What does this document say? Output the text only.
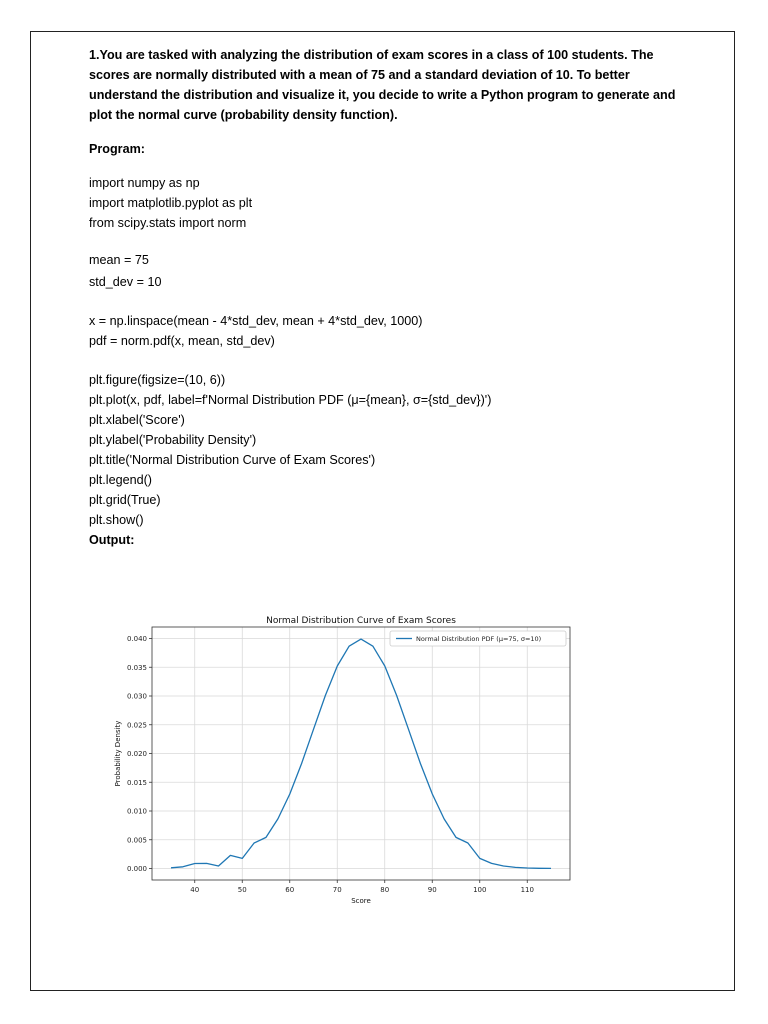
1.You are tasked with analyzing the distribution of exam scores in a class of 100 students. The scores are normally distributed with a mean of 75 and a standard deviation of 10. To better understand the distribution and visualize it, you decide to write a Python program to generate and plot the normal curve (probability density function).

Program:

import numpy as np

import matplotlib.pyplot as plt

from scipy.stats import norm

mean = 75

std_dev = 10

x = np.linspace(mean - 4*std_dev, mean + 4*std_dev, 1000)

pdf = norm.pdf(x, mean, std_dev)

plt.figure(figsize=(10, 6))

plt.plot(x, pdf, label=f'Normal Distribution PDF (μ={mean}, σ={std_dev})')

plt.xlabel('Score')

plt.ylabel('Probability Density')

plt.title('Normal Distribution Curve of Exam Scores')

plt.legend()

plt.grid(True)

plt.show()

Output:

40	50	60	70	80	90	100	110
0.000
0.005
0.010
0.015
0.020
0.025
0.030
0.035
0.040
Normal Distribution Curve of Exam Scores
Score
Probability Density
Normal Distribution PDF (μ=75, σ=10)
